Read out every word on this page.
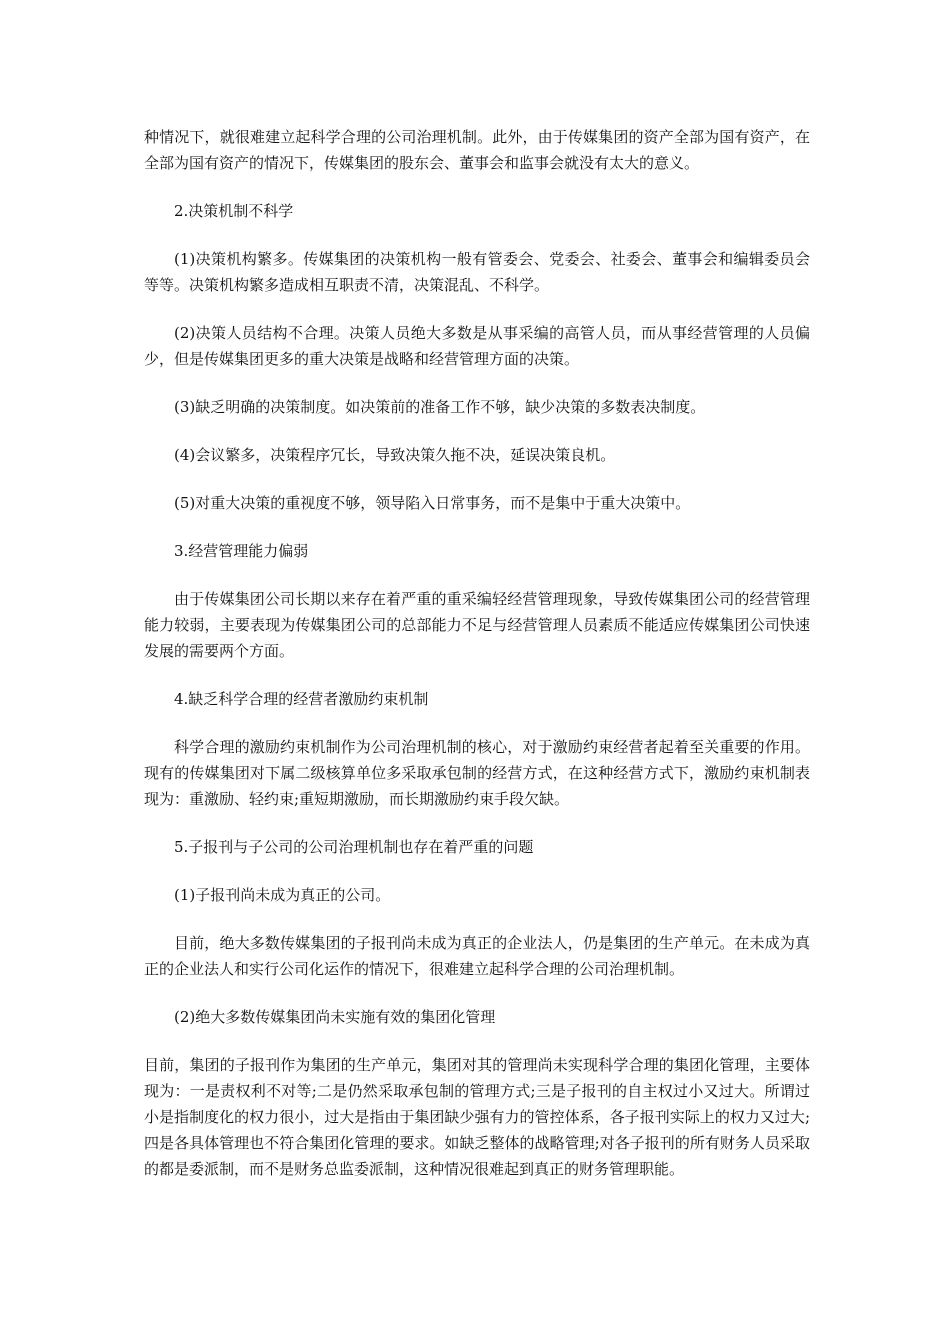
种情况下，就很难建立起科学合理的公司治理机制。此外，由于传媒集团的资产全部为国有资产，在全部为国有资产的情况下，传媒集团的股东会、董事会和监事会就没有太大的意义。

2.决策机制不科学

(1)决策机构繁多。传媒集团的决策机构一般有管委会、党委会、社委会、董事会和编辑委员会等等。决策机构繁多造成相互职责不清，决策混乱、不科学。

(2)决策人员结构不合理。决策人员绝大多数是从事采编的高管人员，而从事经营管理的人员偏少，但是传媒集团更多的重大决策是战略和经营管理方面的决策。

(3)缺乏明确的决策制度。如决策前的准备工作不够，缺少决策的多数表决制度。

(4)会议繁多，决策程序冗长，导致决策久拖不决，延误决策良机。

(5)对重大决策的重视度不够，领导陷入日常事务，而不是集中于重大决策中。

3.经营管理能力偏弱

由于传媒集团公司长期以来存在着严重的重采编轻经营管理现象，导致传媒集团公司的经营管理能力较弱，主要表现为传媒集团公司的总部能力不足与经营管理人员素质不能适应传媒集团公司快速发展的需要两个方面。

4.缺乏科学合理的经营者激励约束机制

科学合理的激励约束机制作为公司治理机制的核心，对于激励约束经营者起着至关重要的作用。现有的传媒集团对下属二级核算单位多采取承包制的经营方式，在这种经营方式下，激励约束机制表现为：重激励、轻约束;重短期激励，而长期激励约束手段欠缺。

5.子报刊与子公司的公司治理机制也存在着严重的问题

(1)子报刊尚未成为真正的公司。

目前，绝大多数传媒集团的子报刊尚未成为真正的企业法人，仍是集团的生产单元。在未成为真正的企业法人和实行公司化运作的情况下，很难建立起科学合理的公司治理机制。

(2)绝大多数传媒集团尚未实施有效的集团化管理

目前，集团的子报刊作为集团的生产单元，集团对其的管理尚未实现科学合理的集团化管理，主要体现为：一是责权利不对等;二是仍然采取承包制的管理方式;三是子报刊的自主权过小又过大。所谓过小是指制度化的权力很小，过大是指由于集团缺少强有力的管控体系，各子报刊实际上的权力又过大;四是各具体管理也不符合集团化管理的要求。如缺乏整体的战略管理;对各子报刊的所有财务人员采取的都是委派制，而不是财务总监委派制，这种情况很难起到真正的财务管理职能。
